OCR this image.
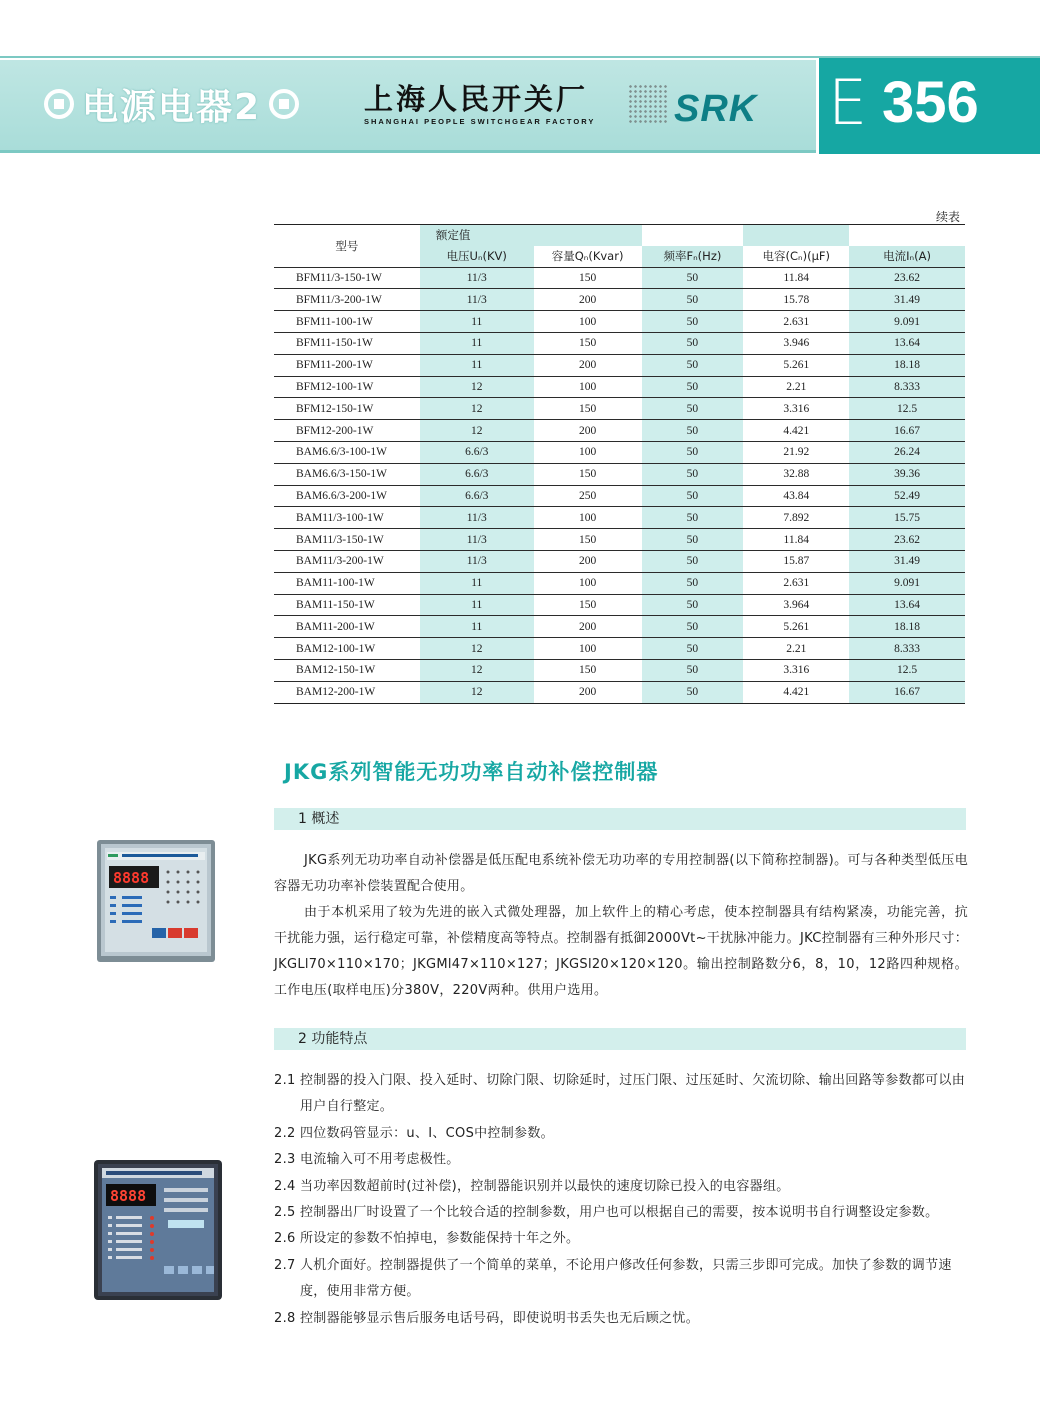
电源电器2	上海人民开关厂
SHANGHAI PEOPLE SWITCHGEAR FACTORY SRK E 356
续表
型号	额定值				
	电压Uₙ(KV)	容量Qₙ(Kvar)	频率Fₙ(Hz)	电容(Cₙ)(μF)	电流Iₙ(A)
BFM11/3-150-1W	11/3	150	50	11.84	23.62
BFM11/3-200-1W	11/3	200	50	15.78	31.49
BFM11-100-1W	11	100	50	2.631	9.091
BFM11-150-1W	11	150	50	3.946	13.64
BFM11-200-1W	11	200	50	5.261	18.18
BFM12-100-1W	12	100	50	2.21	8.333
BFM12-150-1W	12	150	50	3.316	12.5
BFM12-200-1W	12	200	50	4.421	16.67
BAM6.6/3-100-1W	6.6/3	100	50	21.92	26.24
BAM6.6/3-150-1W	6.6/3	150	50	32.88	39.36
BAM6.6/3-200-1W	6.6/3	250	50	43.84	52.49
BAM11/3-100-1W	11/3	100	50	7.892	15.75
BAM11/3-150-1W	11/3	150	50	11.84	23.62
BAM11/3-200-1W	11/3	200	50	15.87	31.49
BAM11-100-1W	11	100	50	2.631	9.091
BAM11-150-1W	11	150	50	3.964	13.64
BAM11-200-1W	11	200	50	5.261	18.18
BAM12-100-1W	12	100	50	2.21	8.333
BAM12-150-1W	12	150	50	3.316	12.5
BAM12-200-1W	12	200	50	4.421	16.67
JKG系列智能无功功率自动补偿控制器
1 概述

JKG系列无功功率自动补偿器是低压配电系统补偿无功功率的专用控制器(以下简称控制器)。可与各种类型低压电容器无功功率补偿装置配合使用。

由于本机采用了较为先进的嵌入式微处理器，加上软件上的精心考虑，使本控制器具有结构紧凑，功能完善，抗干扰能力强，运行稳定可靠，补偿精度高等特点。控制器有抵御2000Vt~干扰脉冲能力。JKC控制器有三种外形尺寸：JKGLl70×110×170；JKGMl47×110×127；JKGSl20×120×120。输出控制路数分6，8，10，12路四种规格。工作电压(取样电压)分380V，220V两种。供用户选用。

2 功能特点
2.1 控制器的投入门限、投入延时、切除门限、切除延时，过压门限、过压延时、欠流切除、输出回路等参数都可以由用户自行整定。
2.2 四位数码管显示：u、I、COS中控制参数。
2.3 电流输入可不用考虑极性。
2.4 当功率因数超前时(过补偿)，控制器能识别并以最快的速度切除已投入的电容器组。
2.5 控制器出厂时设置了一个比较合适的控制参数，用户也可以根据自己的需要，按本说明书自行调整设定参数。
2.6 所设定的参数不怕掉电，参数能保持十年之外。
2.7 人机介面好。控制器提供了一个简单的菜单，不论用户修改任何参数，只需三步即可完成。加快了参数的调节速度，使用非常方便。
2.8 控制器能够显示售后服务电话号码，即使说明书丢失也无后顾之忧。
8888
8888
